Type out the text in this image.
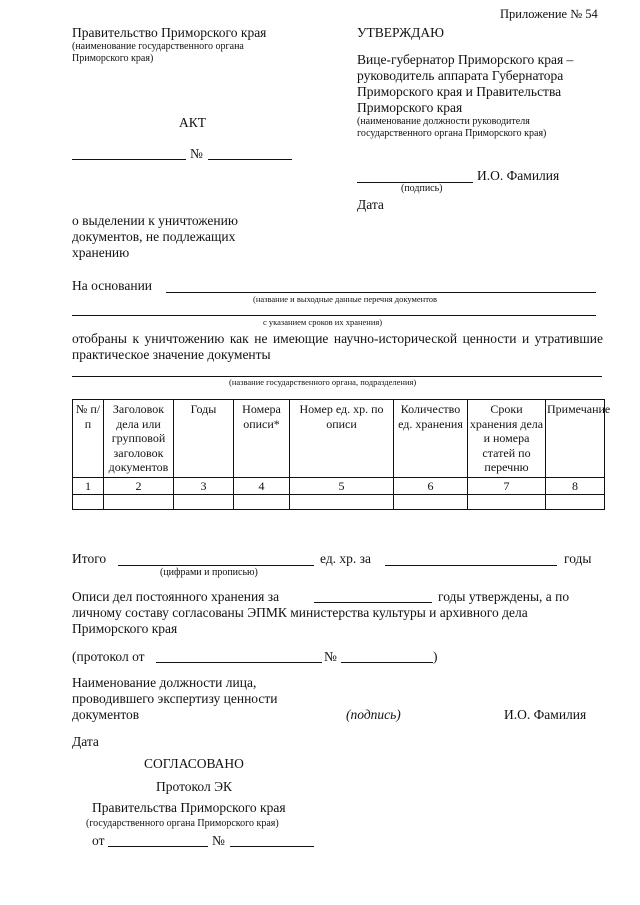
Приложение № 54
Правительство Приморского края
(наименование государственного органа Приморского края)
УТВЕРЖДАЮ
Вице-губернатор Приморского края – руководитель аппарата Губернатора Приморского края и Правительства Приморского края
(наименование должности руководителя государственного органа Приморского края)
И.О. Фамилия
(подпись)
Дата
АКТ
№
о выделении к уничтожению документов, не подлежащих хранению
На основании
(название и выходные данные перечня документов
с указанием сроков их хранения)
отобраны к уничтожению как не имеющие научно-исторической ценности и утратившие практическое значение документы
(название государственного органа, подразделения)
№ п/п	Заголовок дела или групповой заголовок документов	Годы	Номера описи*	Номер ед. хр. по описи	Количество ед. хранения	Сроки хранения дела и номера статей по перечню	Примечание
1	2	3	4	5	6	7	8

Итого
(цифрами и прописью)
ед. хр. за	годы
Описи дел постоянного хранения за	годы утверждены, а по личному составу согласованы ЭПМК министерства культуры и архивного дела Приморского края
(протокол от	№	)
Наименование должности лица, проводившего экспертизу ценности документов	(подпись)	И.О. Фамилия
Дата
СОГЛАСОВАНО
Протокол ЭК
Правительства Приморского края
(государственного органа Приморского края)
от	№
